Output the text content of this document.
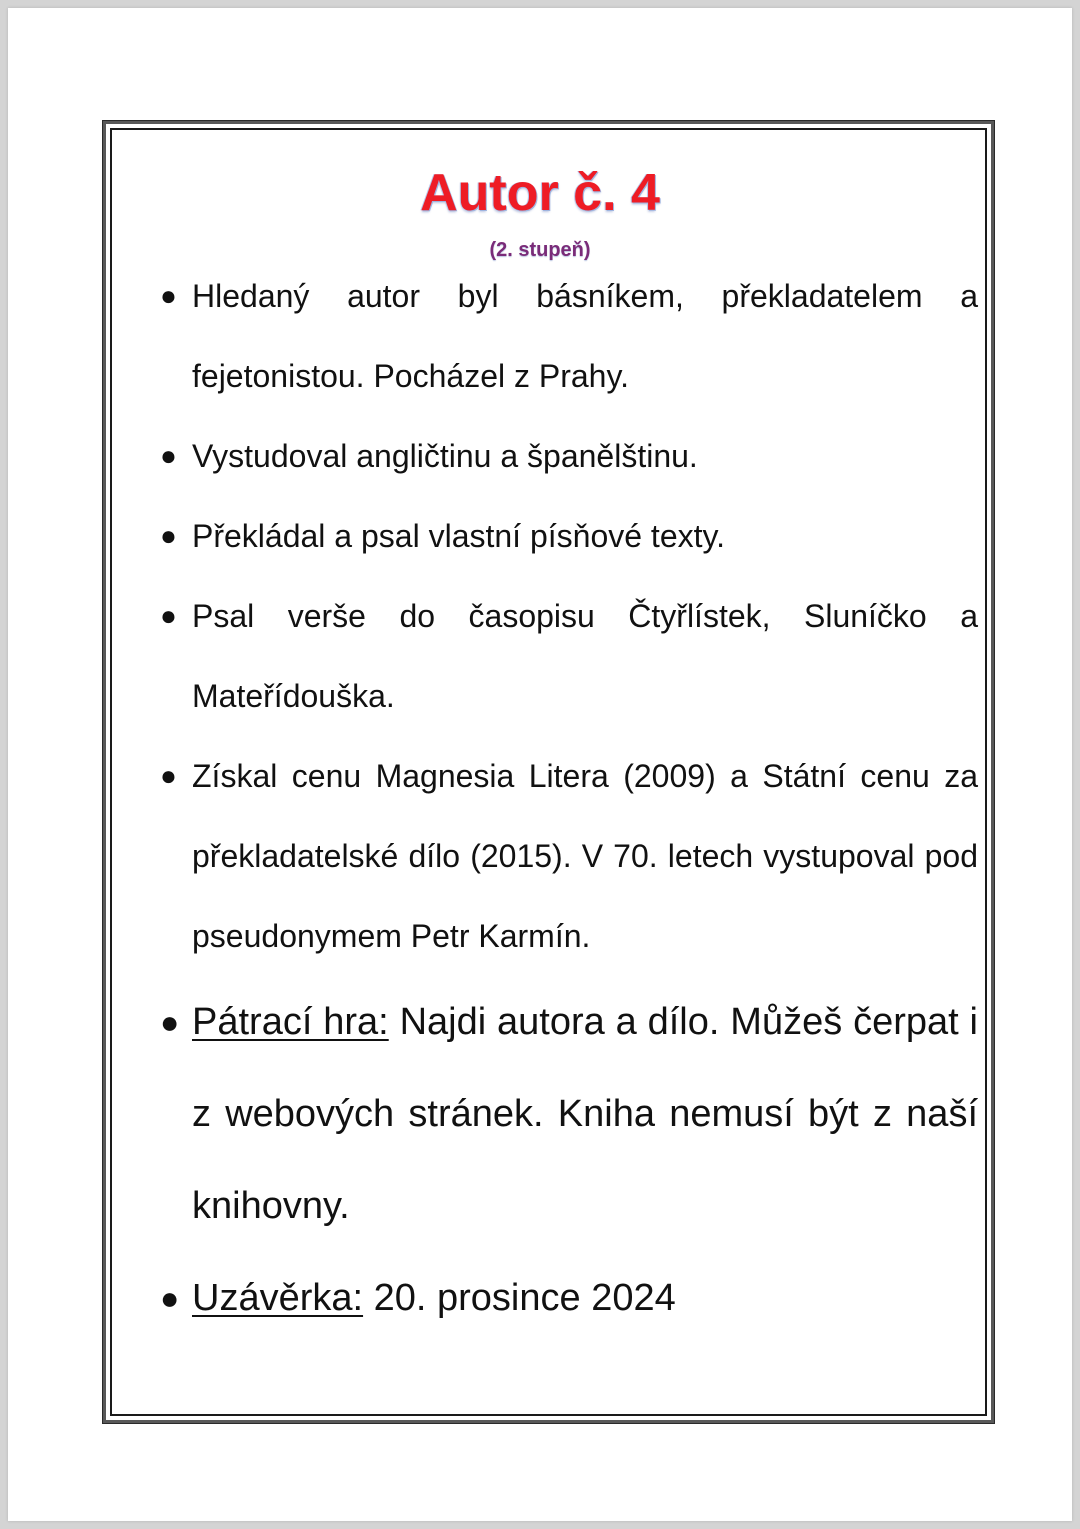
Autor č. 4
(2. stupeň)
● Hledaný autor byl básníkem, překladatelem a fejetonistou. Pocházel z Prahy.
● Vystudoval angličtinu a španělštinu.
● Překládal a psal vlastní písňové texty.
● Psal verše do časopisu Čtyřlístek, Sluníčko a Mateřídouška.
● Získal cenu Magnesia Litera (2009) a Státní cenu za překladatelské dílo (2015). V 70. letech vystupoval pod pseudonymem Petr Karmín.
● Pátrací hra: Najdi autora a dílo. Můžeš čerpat i z webových stránek. Kniha nemusí být z naší knihovny.
● Uzávěrka: 20. prosince 2024
